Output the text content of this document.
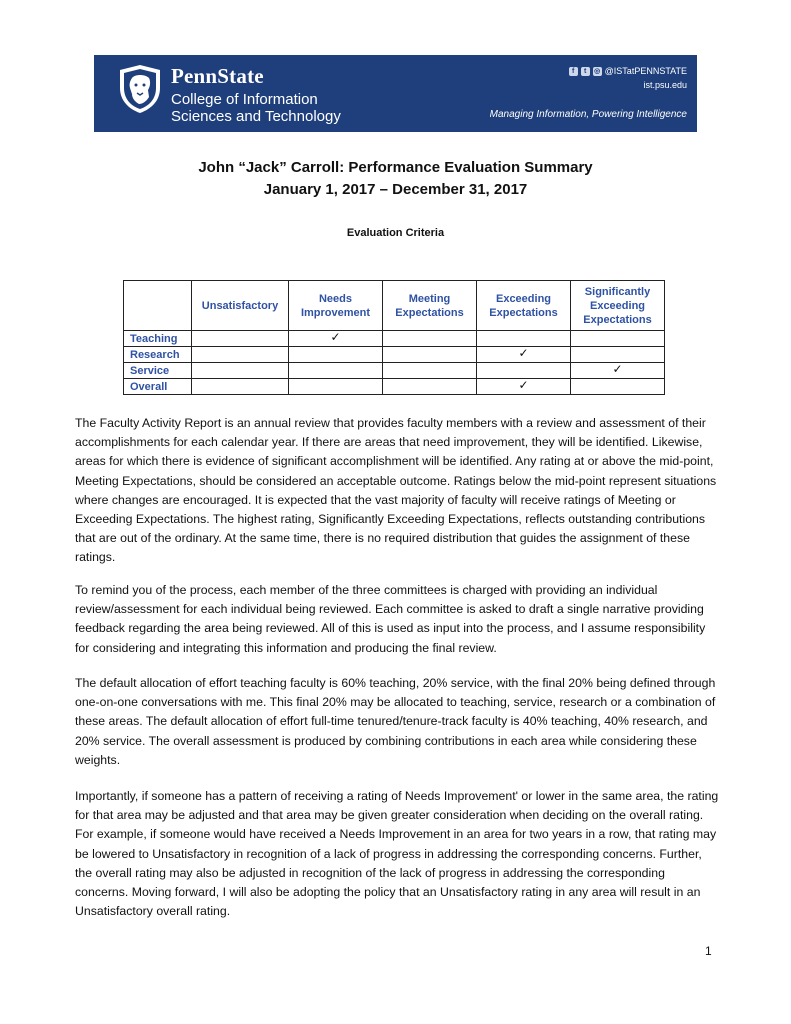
PennState
College of Information
Sciences and Technology
f	t	◎ @ISTatPENNSTATE
ist.psu.edu
Managing Information, Powering Intelligence
John “Jack” Carroll: Performance Evaluation Summary
January 1, 2017 – December 31, 2017
Evaluation Criteria
	Unsatisfactory	Needs Improvement	Meeting Expectations	Exceeding Expectations	Significantly Exceeding Expectations
Teaching		✓			
Research				✓	
Service					✓
Overall				✓	
The Faculty Activity Report is an annual review that provides faculty members with a review and assessment of their accomplishments for each calendar year. If there are areas that need improvement, they will be identified. Likewise, areas for which there is evidence of significant accomplishment will be identified. Any rating at or above the mid-point, Meeting Expectations, should be considered an acceptable outcome. Ratings below the mid-point represent situations where changes are encouraged. It is expected that the vast majority of faculty will receive ratings of Meeting or Exceeding Expectations. The highest rating, Significantly Exceeding Expectations, reflects outstanding contributions that are out of the ordinary. At the same time, there is no required distribution that guides the assignment of these ratings.
To remind you of the process, each member of the three committees is charged with providing an individual review/assessment for each individual being reviewed. Each committee is asked to draft a single narrative providing feedback regarding the area being reviewed. All of this is used as input into the process, and I assume responsibility for considering and integrating this information and producing the final review.
The default allocation of effort teaching faculty is 60% teaching, 20% service, with the final 20% being defined through one-on-one conversations with me. This final 20% may be allocated to teaching, service, research or a combination of these areas. The default allocation of effort full-time tenured/tenure-track faculty is 40% teaching, 40% research, and 20% service. The overall assessment is produced by combining contributions in each area while considering these weights.
Importantly, if someone has a pattern of receiving a rating of Needs Improvement' or lower in the same area, the rating for that area may be adjusted and that area may be given greater consideration when deciding on the overall rating. For example, if someone would have received a Needs Improvement in an area for two years in a row, that rating may be lowered to Unsatisfactory in recognition of a lack of progress in addressing the corresponding concerns. Further, the overall rating may also be adjusted in recognition of the lack of progress in addressing the corresponding concerns. Moving forward, I will also be adopting the policy that an Unsatisfactory rating in any area will result in an Unsatisfactory overall rating.
1
